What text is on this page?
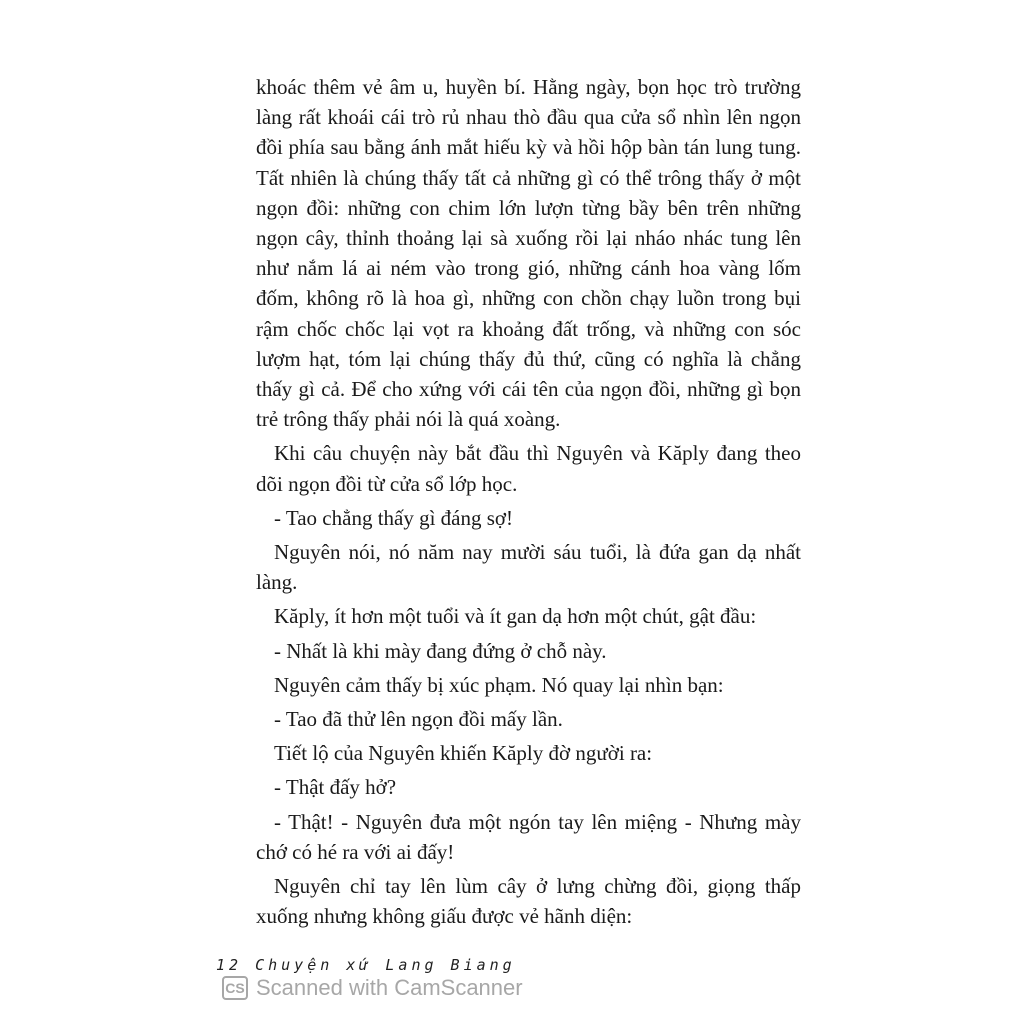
khoác thêm vẻ âm u, huyền bí. Hằng ngày, bọn học trò trường làng rất khoái cái trò rủ nhau thò đầu qua cửa sổ nhìn lên ngọn đồi phía sau bằng ánh mắt hiếu kỳ và hồi hộp bàn tán lung tung. Tất nhiên là chúng thấy tất cả những gì có thể trông thấy ở một ngọn đồi: những con chim lớn lượn từng bầy bên trên những ngọn cây, thỉnh thoảng lại sà xuống rồi lại nháo nhác tung lên như nắm lá ai ném vào trong gió, những cánh hoa vàng lốm đốm, không rõ là hoa gì, những con chồn chạy luồn trong bụi rậm chốc chốc lại vọt ra khoảng đất trống, và những con sóc lượm hạt, tóm lại chúng thấy đủ thứ, cũng có nghĩa là chẳng thấy gì cả. Để cho xứng với cái tên của ngọn đồi, những gì bọn trẻ trông thấy phải nói là quá xoàng.

Khi câu chuyện này bắt đầu thì Nguyên và Kăply đang theo dõi ngọn đồi từ cửa sổ lớp học.

- Tao chẳng thấy gì đáng sợ!

Nguyên nói, nó năm nay mười sáu tuổi, là đứa gan dạ nhất làng.

Kăply, ít hơn một tuổi và ít gan dạ hơn một chút, gật đầu:

- Nhất là khi mày đang đứng ở chỗ này.

Nguyên cảm thấy bị xúc phạm. Nó quay lại nhìn bạn:

- Tao đã thử lên ngọn đồi mấy lần.

Tiết lộ của Nguyên khiến Kăply đờ người ra:

- Thật đấy hở?

- Thật! - Nguyên đưa một ngón tay lên miệng - Nhưng mày chớ có hé ra với ai đấy!

Nguyên chỉ tay lên lùm cây ở lưng chừng đồi, giọng thấp xuống nhưng không giấu được vẻ hãnh diện:

12 Chuyện xứ Lang Biang
CS Scanned with CamScanner
